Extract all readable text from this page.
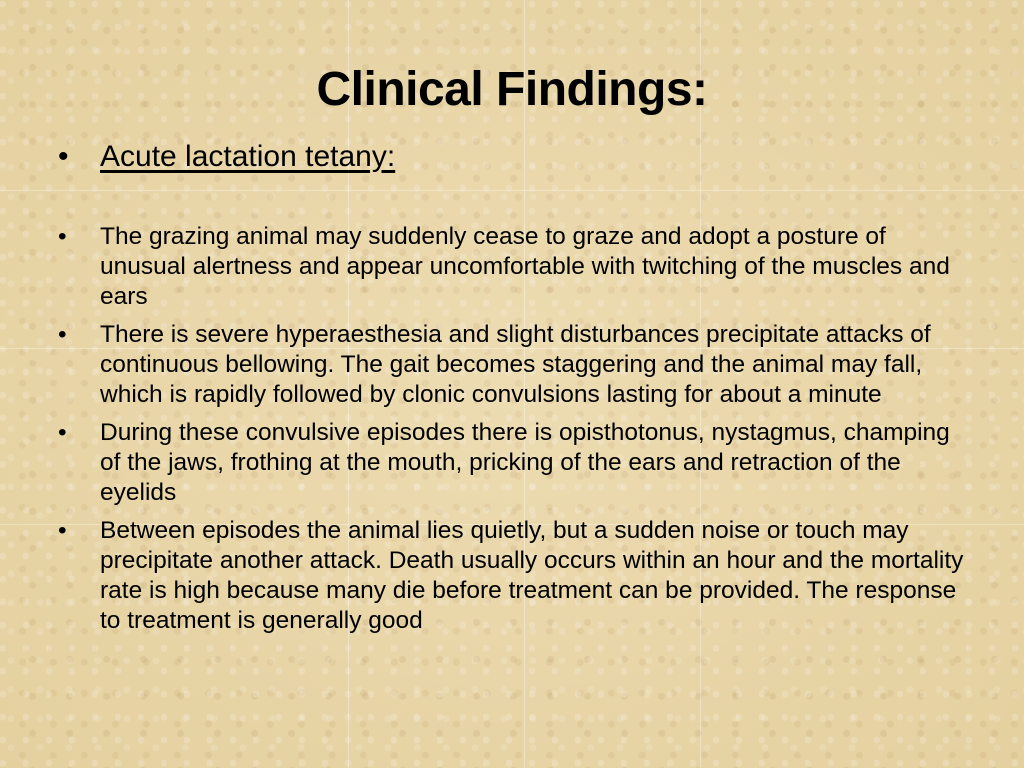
Clinical Findings:

• Acute lactation tetany:

• The grazing animal may suddenly cease to graze and adopt a posture of unusual alertness and appear uncomfortable with twitching of the muscles and ears
• There is severe hyperaesthesia and slight disturbances precipitate attacks of continuous bellowing. The gait becomes staggering and the animal may fall, which is rapidly followed by clonic convulsions lasting for about a minute
• During these convulsive episodes there is opisthotonus, nystagmus, champing of the jaws, frothing at the mouth, pricking of the ears and retraction of the eyelids
• Between episodes the animal lies quietly, but a sudden noise or touch may precipitate another attack. Death usually occurs within an hour and the mortality rate is high because many die before treatment can be provided. The response to treatment is generally good
